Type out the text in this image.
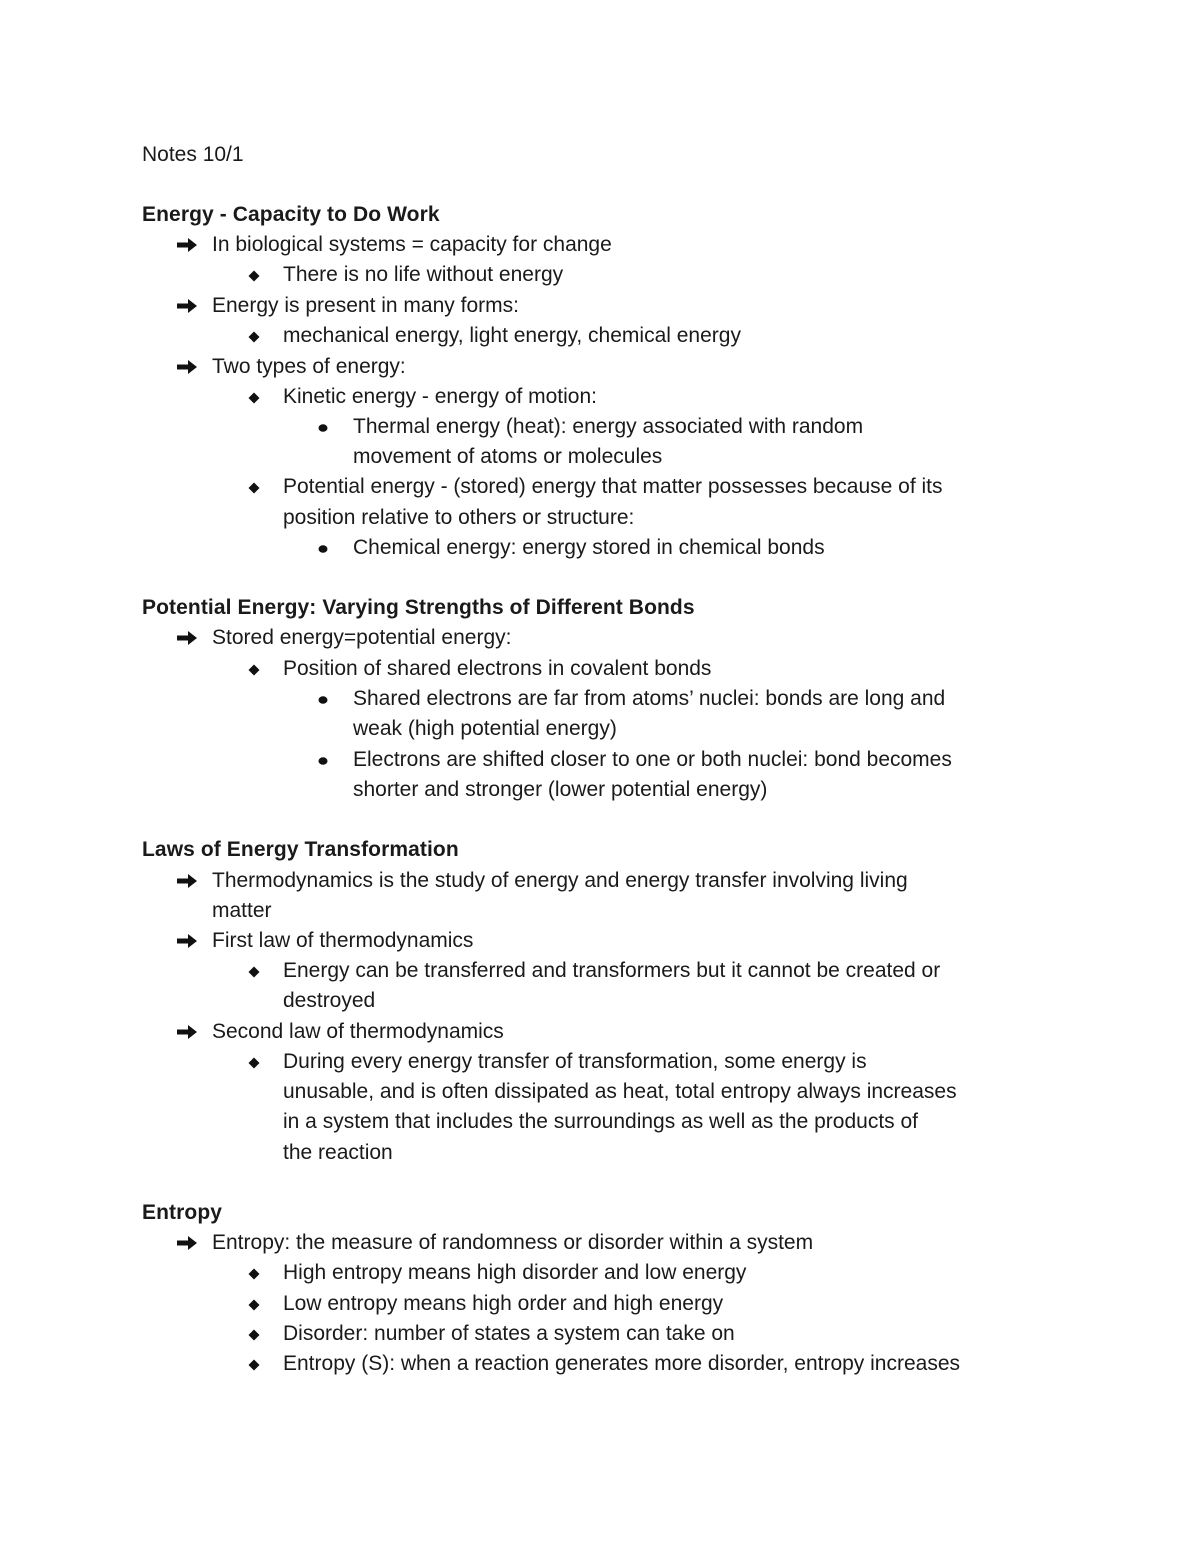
Notes 10/1
Energy - Capacity to Do Work
In biological systems = capacity for change
There is no life without energy
Energy is present in many forms:
mechanical energy, light energy, chemical energy
Two types of energy:
Kinetic energy - energy of motion:
Thermal energy (heat): energy associated with random
movement of atoms or molecules
Potential energy - (stored) energy that matter possesses because of its
position relative to others or structure:
Chemical energy: energy stored in chemical bonds
Potential Energy: Varying Strengths of Different Bonds
Stored energy=potential energy:
Position of shared electrons in covalent bonds
Shared electrons are far from atoms’ nuclei: bonds are long and
weak (high potential energy)
Electrons are shifted closer to one or both nuclei: bond becomes
shorter and stronger (lower potential energy)
Laws of Energy Transformation
Thermodynamics is the study of energy and energy transfer involving living
matter
First law of thermodynamics
Energy can be transferred and transformers but it cannot be created or
destroyed
Second law of thermodynamics
During every energy transfer of transformation, some energy is
unusable, and is often dissipated as heat, total entropy always increases
in a system that includes the surroundings as well as the products of
the reaction
Entropy
Entropy: the measure of randomness or disorder within a system
High entropy means high disorder and low energy
Low entropy means high order and high energy
Disorder: number of states a system can take on
Entropy (S): when a reaction generates more disorder, entropy increases
